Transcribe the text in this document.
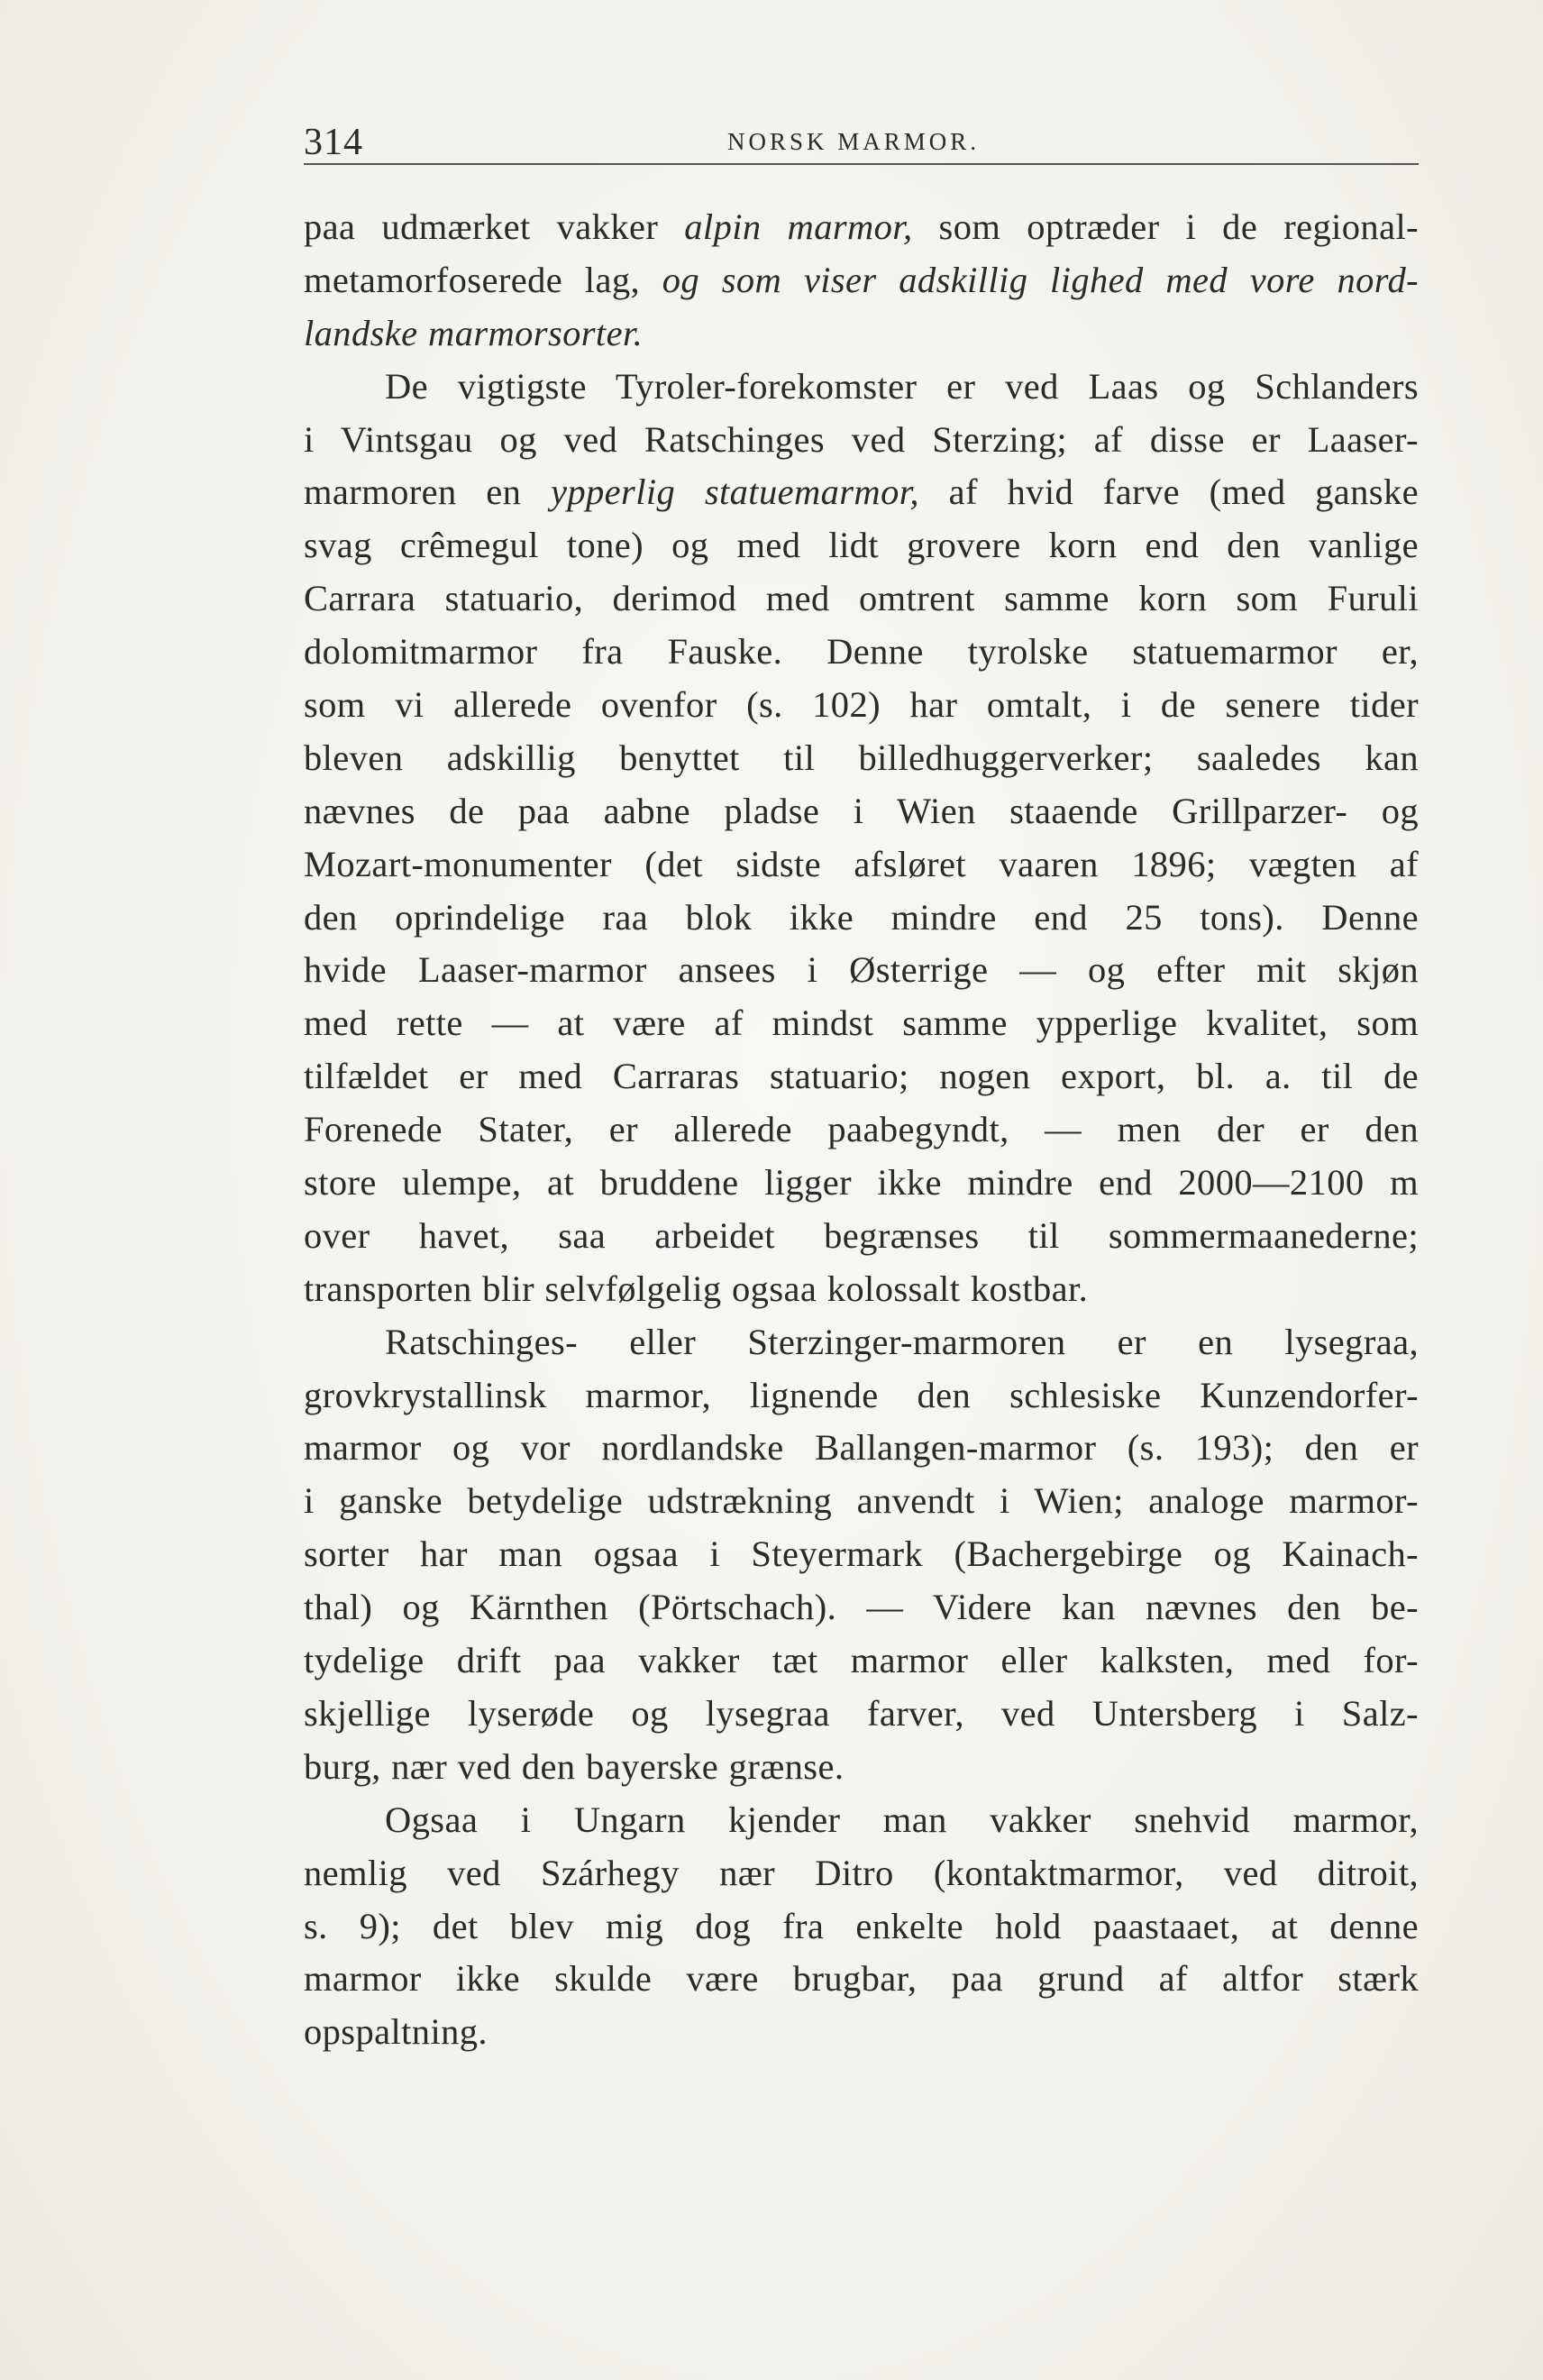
314	NORSK MARMOR.
paa udmærket vakker alpin marmor, som optræder i de regional-
metamorfoserede lag, og som viser adskillig lighed med vore nord-
landske marmorsorter.
De vigtigste Tyroler-forekomster er ved Laas og Schlanders
i Vintsgau og ved Ratschinges ved Sterzing; af disse er Laaser-
marmoren en ypperlig statuemarmor, af hvid farve (med ganske
svag crêmegul tone) og med lidt grovere korn end den vanlige
Carrara statuario, derimod med omtrent samme korn som Furuli
dolomitmarmor fra Fauske. Denne tyrolske statuemarmor er,
som vi allerede ovenfor (s. 102) har omtalt, i de senere tider
bleven adskillig benyttet til billedhuggerverker; saaledes kan
nævnes de paa aabne pladse i Wien staaende Grillparzer- og
Mozart-monumenter (det sidste afsløret vaaren 1896; vægten af
den oprindelige raa blok ikke mindre end 25 tons). Denne
hvide Laaser-marmor ansees i Østerrige — og efter mit skjøn
med rette — at være af mindst samme ypperlige kvalitet, som
tilfældet er med Carraras statuario; nogen export, bl. a. til de
Forenede Stater, er allerede paabegyndt, — men der er den
store ulempe, at bruddene ligger ikke mindre end 2000—2100 m
over havet, saa arbeidet begrænses til sommermaanederne;
transporten blir selvfølgelig ogsaa kolossalt kostbar.
Ratschinges- eller Sterzinger-marmoren er en lysegraa,
grovkrystallinsk marmor, lignende den schlesiske Kunzendorfer-
marmor og vor nordlandske Ballangen-marmor (s. 193); den er
i ganske betydelige udstrækning anvendt i Wien; analoge marmor-
sorter har man ogsaa i Steyermark (Bachergebirge og Kainach-
thal) og Kärnthen (Pörtschach). — Videre kan nævnes den be-
tydelige drift paa vakker tæt marmor eller kalksten, med for-
skjellige lyserøde og lysegraa farver, ved Untersberg i Salz-
burg, nær ved den bayerske grænse.
Ogsaa i Ungarn kjender man vakker snehvid marmor,
nemlig ved Szárhegy nær Ditro (kontaktmarmor, ved ditroit,
s. 9); det blev mig dog fra enkelte hold paastaaet, at denne
marmor ikke skulde være brugbar, paa grund af altfor stærk
opspaltning.
